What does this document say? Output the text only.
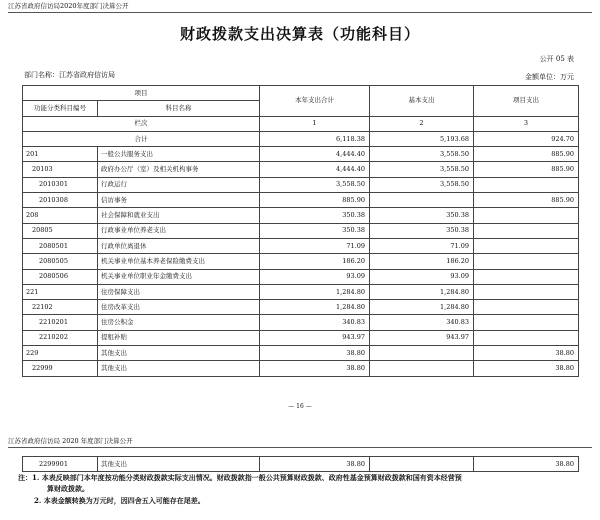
江苏省政府信访局2020年度部门决算公开
财政拨款支出决算表（功能科目）
公开 05 表
部门名称：江苏省政府信访局	金额单位：万元
项目		本年支出合计	基本支出	项目支出
功能分类科目编号	科目名称			
栏次		1	2	3
合计		6,118.38	5,193.68	924.70
201	一般公共服务支出	4,444.40	3,558.50	885.90
20103	政府办公厅（室）及相关机构事务	4,444.40	3,558.50	885.90
2010301	行政运行	3,558.50	3,558.50	
2010308	信访事务	885.90		885.90
208	社会保障和就业支出	350.38	350.38	
20805	行政事业单位养老支出	350.38	350.38	
2080501	行政单位离退休	71.09	71.09	
2080505	机关事业单位基本养老保险缴费支出	186.20	186.20	
2080506	机关事业单位职业年金缴费支出	93.09	93.09	
221	住房保障支出	1,284.80	1,284.80	
22102	住房改革支出	1,284.80	1,284.80	
2210201	住房公积金	340.83	340.83	
2210202	提租补贴	943.97	943.97	
229	其他支出	38.80		38.80
22999	其他支出	38.80		38.80
— 16 —
江苏省政府信访局 2020 年度部门决算公开
2299901	其他支出	38.80		38.80
注：1. 本表反映部门本年度按功能分类财政拨款实际支出情况。财政拨款指一般公共预算财政拨款、政府性基金预算财政拨款和国有资本经营预
算财政拨款。
2. 本表金额转换为万元时，因四舍五入可能存在尾差。
